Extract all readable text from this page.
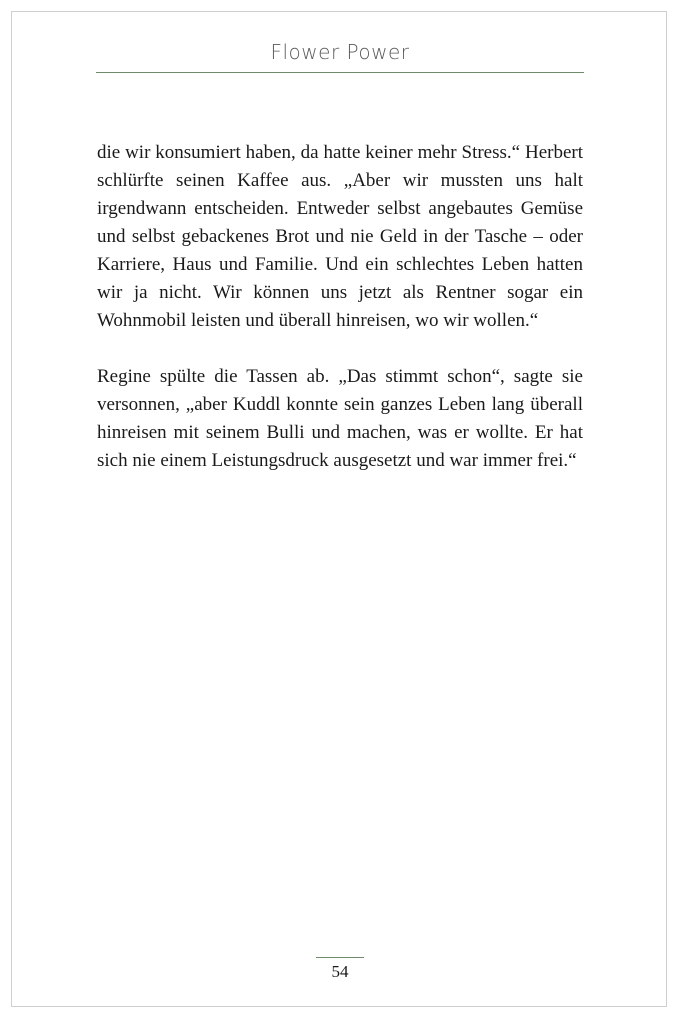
Flower Power

die wir konsumiert haben, da hatte keiner mehr Stress.“ Herbert schlürfte seinen Kaffee aus. „Aber wir mussten uns halt irgendwann entscheiden. Entweder selbst angebautes Gemüse und selbst gebackenes Brot und nie Geld in der Tasche – oder Karriere, Haus und Familie. Und ein schlechtes Leben hatten wir ja nicht. Wir können uns jetzt als Rentner sogar ein Wohnmobil leisten und überall hinreisen, wo wir wollen.“

Regine spülte die Tassen ab. „Das stimmt schon“, sagte sie versonnen, „aber Kuddl konnte sein ganzes Leben lang überall hinreisen mit seinem Bulli und machen, was er wollte. Er hat sich nie einem Leistungsdruck ausgesetzt und war immer frei.“

54
